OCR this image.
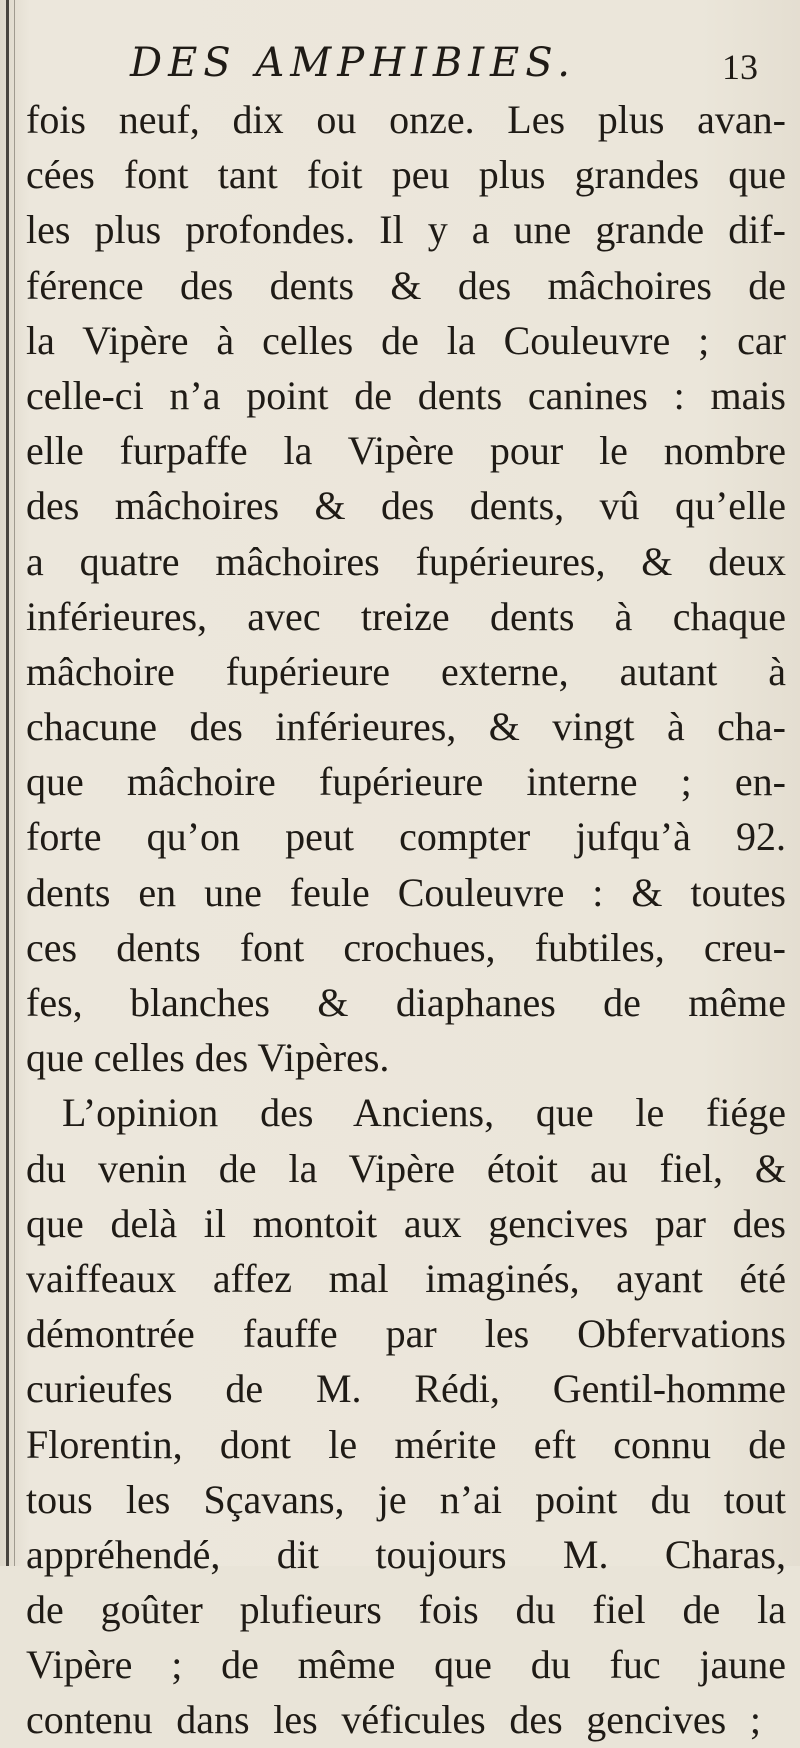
DES AMPHIBIES.	13
fois neuf, dix ou onze. Les plus avan-
cées font tant foit peu plus grandes que
les plus profondes. Il y a une grande dif-
férence des dents & des mâchoires de
la Vipère à celles de la Couleuvre ; car
celle-ci n’a point de dents canines : mais
elle furpaffe la Vipère pour le nombre
des mâchoires & des dents, vû qu’elle
a quatre mâchoires fupérieures, & deux
inférieures, avec treize dents à chaque
mâchoire fupérieure externe, autant à
chacune des inférieures, & vingt à cha-
que mâchoire fupérieure interne ; en-
forte qu’on peut compter jufqu’à 92.
dents en une feule Couleuvre : & toutes
ces dents font crochues, fubtiles, creu-
fes, blanches & diaphanes de même
que celles des Vipères.
L’opinion des Anciens, que le fiége
du venin de la Vipère étoit au fiel, &
que delà il montoit aux gencives par des
vaiffeaux affez mal imaginés, ayant été
démontrée fauffe par les Obfervations
curieufes de M. Rédi, Gentil-homme
Florentin, dont le mérite eft connu de
tous les Sçavans, je n’ai point du tout
appréhendé, dit toujours M. Charas,
de goûter plufieurs fois du fiel de la
Vipère ; de même que du fuc jaune
contenu dans les véficules des gencives ;
